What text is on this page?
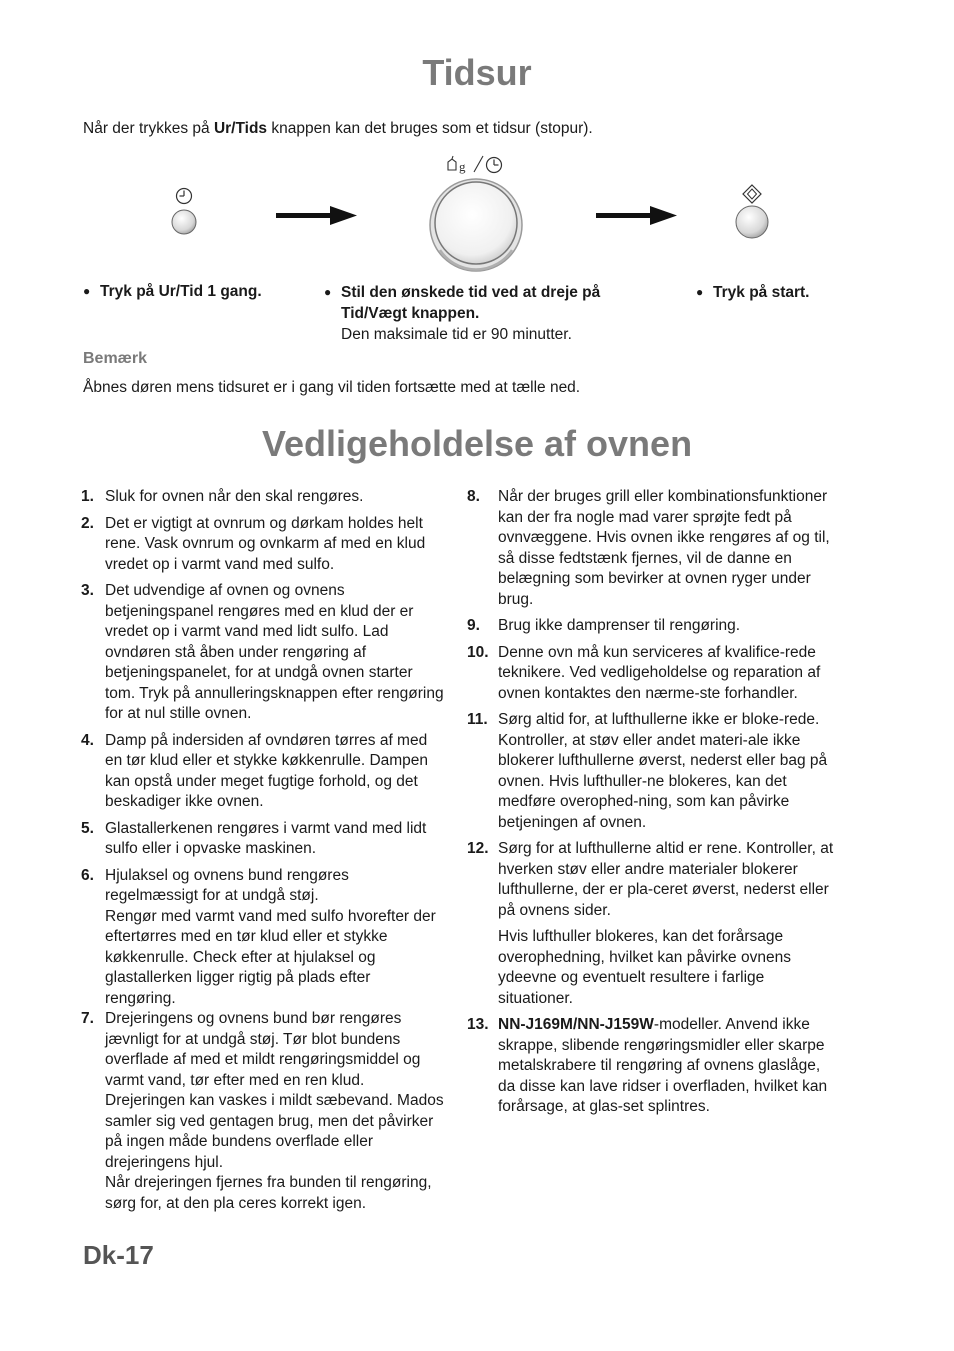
Tidsur
Når der trykkes på Ur/Tids knappen kan det bruges som et tidsur (stopur).
g
● Tryk på Ur/Tid 1 gang.	● Stil den ønskede tid ved at dreje på Tid/Vægt knappen.
Den maksimale tid er 90 minutter.
● Tryk på start.
Bemærk
Åbnes døren mens tidsuret er i gang vil tiden fortsætte med at tælle ned.
Vedligeholdelse af ovnen
1. Sluk for ovnen når den skal rengøres.
2. Det er vigtigt at ovnrum og dørkam holdes helt rene. Vask ovnrum og ovnkarm af med en klud vredet op i varmt vand med sulfo.
3. Det udvendige af ovnen og ovnens betjeningspanel rengøres med en klud der er vredet op i varmt vand med lidt sulfo. Lad ovndøren stå åben under rengøring af betjeningspanelet, for at undgå ovnen starter tom. Tryk på annulleringsknappen efter rengøring for at nul stille ovnen.
4. Damp på indersiden af ovndøren tørres af med en tør klud eller et stykke køkkenrulle. Dampen kan opstå under meget fugtige forhold, og det beskadiger ikke ovnen.
5. Glastallerkenen rengøres i varmt vand med lidt sulfo eller i opvaske maskinen.
6. Hjulaksel og ovnens bund rengøres regelmæssigt for at undgå støj.
Rengør med varmt vand med sulfo hvorefter der eftertørres med en tør klud eller et stykke køkkenrulle. Check efter at hjulaksel og glastallerken ligger rigtig på plads efter rengøring.
7. Drejeringens og ovnens bund bør rengøres jævnligt for at undgå støj. Tør blot bundens overflade af med et mildt rengøringsmiddel og varmt vand, tør efter med en ren klud. Drejeringen kan vaskes i mildt sæbevand. Mados samler sig ved gentagen brug, men det påvirker på ingen måde bundens overflade eller drejeringens hjul.
Når drejeringen fjernes fra bunden til rengøring, sørg for, at den pla ceres korrekt igen.
8. Når der bruges grill eller kombinationsfunktioner kan der fra nogle mad varer sprøjte fedt på ovnvæggene. Hvis ovnen ikke rengøres af og til, så disse fedtstænk fjernes, vil de danne en belægning som bevirker at ovnen ryger under brug.
9. Brug ikke damprenser til rengøring.
10. Denne ovn må kun serviceres af kvalifice-rede teknikere. Ved vedligeholdelse og reparation af ovnen kontaktes den nærme-ste forhandler.
11. Sørg altid for, at lufthullerne ikke er bloke-rede. Kontroller, at støv eller andet materi-ale ikke blokerer lufthullerne øverst, nederst eller bag på ovnen. Hvis lufthuller-ne blokeres, kan det medføre overophed-ning, som kan påvirke betjeningen af ovnen.
12. Sørg for at lufthullerne altid er rene. Kontroller, at hverken støv eller andre materialer blokerer lufthullerne, der er pla-ceret øverst, nederst eller på ovnens sider.
Hvis lufthuller blokeres, kan det forårsage overophedning, hvilket kan påvirke ovnens ydeevne og eventuelt resultere i farlige situationer.
13. NN-J169M/NN-J159W-modeller. Anvend ikke skrappe, slibende rengøringsmidler eller skarpe metalskrabere til rengøring af ovnens glaslåge, da disse kan lave ridser i overfladen, hvilket kan forårsage, at glas-set splintres.
Dk-17
